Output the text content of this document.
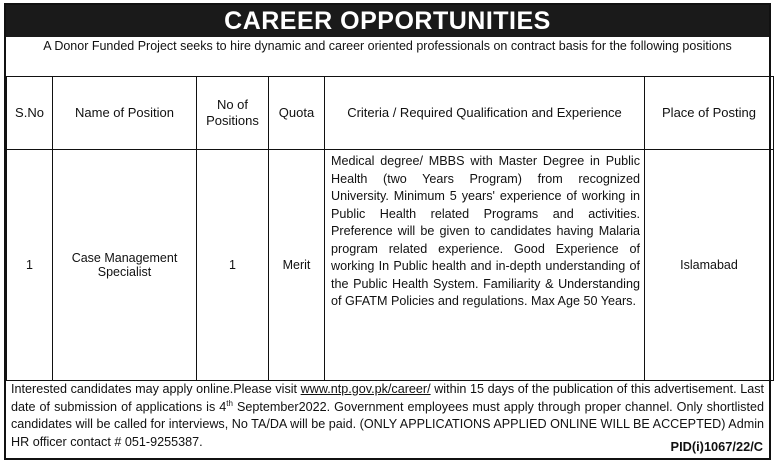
CAREER OPPORTUNITIES
A Donor Funded Project seeks to hire dynamic and career oriented professionals on contract basis for the following positions
S.No	Name of Position	No of Positions	Quota	Criteria / Required Qualification and Experience	Place of Posting
1	Case Management Specialist	1	Merit	Medical degree/ MBBS with Master Degree in Public Health (two Years Program) from recognized University. Minimum 5 years' experience of working in Public Health related Programs and activities. Preference will be given to candidates having Malaria program related experience. Good Experience of working In Public health and in-depth understanding of the Public Health System. Familiarity & Understanding of GFATM Policies and regulations. Max Age 50 Years.	Islamabad
Interested candidates may apply online.Please visit www.ntp.gov.pk/career/ within 15 days of the publication of this advertisement. Last date of submission of applications is 4th September2022. Government employees must apply through proper channel. Only shortlisted candidates will be called for interviews, No TA/DA will be paid. (ONLY APPLICATIONS APPLIED ONLINE WILL BE ACCEPTED) Admin HR officer contact # 051-9255387.	PID(i)1067/22/C
